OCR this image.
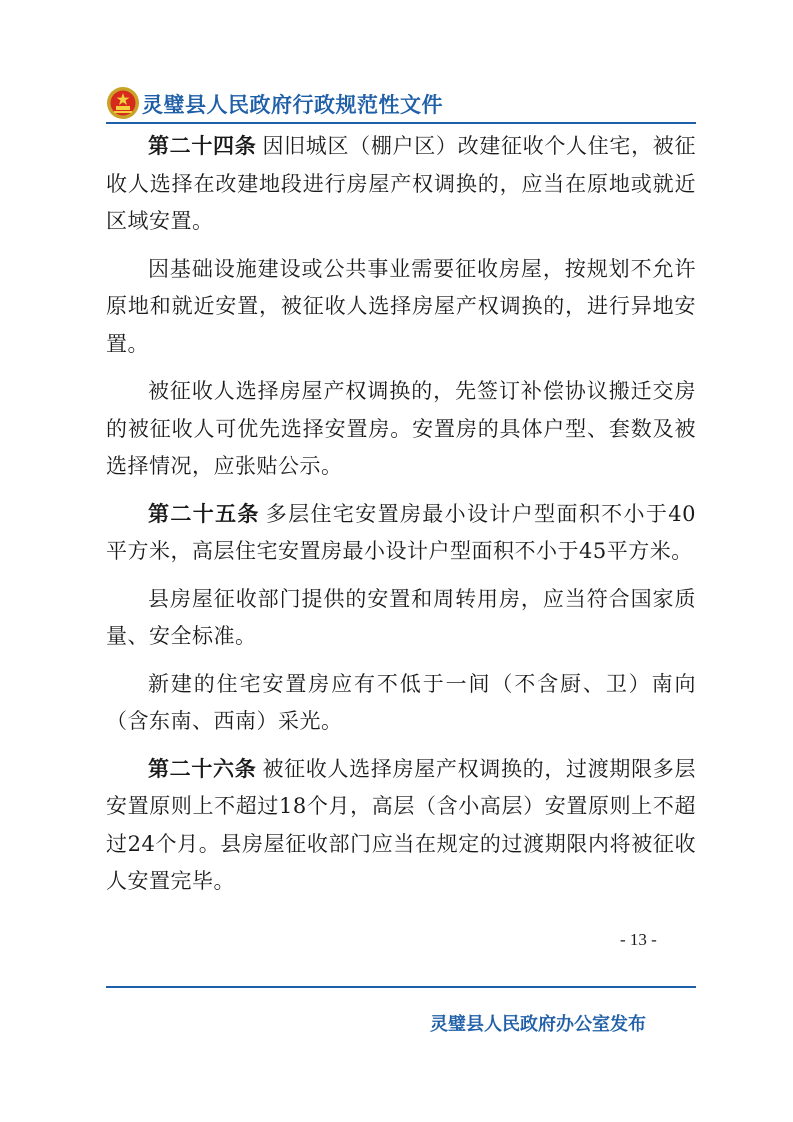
灵璧县人民政府行政规范性文件

第二十四条 因旧城区（棚户区）改建征收个人住宅，被征收人选择在改建地段进行房屋产权调换的，应当在原地或就近区域安置。

因基础设施建设或公共事业需要征收房屋，按规划不允许原地和就近安置，被征收人选择房屋产权调换的，进行异地安置。

被征收人选择房屋产权调换的，先签订补偿协议搬迁交房的被征收人可优先选择安置房。安置房的具体户型、套数及被选择情况，应张贴公示。

第二十五条 多层住宅安置房最小设计户型面积不小于40平方米，高层住宅安置房最小设计户型面积不小于45平方米。

县房屋征收部门提供的安置和周转用房，应当符合国家质量、安全标准。

新建的住宅安置房应有不低于一间（不含厨、卫）南向（含东南、西南）采光。

第二十六条 被征收人选择房屋产权调换的，过渡期限多层安置原则上不超过18个月，高层（含小高层）安置原则上不超过24个月。县房屋征收部门应当在规定的过渡期限内将被征收人安置完毕。

- 13 -
灵璧县人民政府办公室发布
